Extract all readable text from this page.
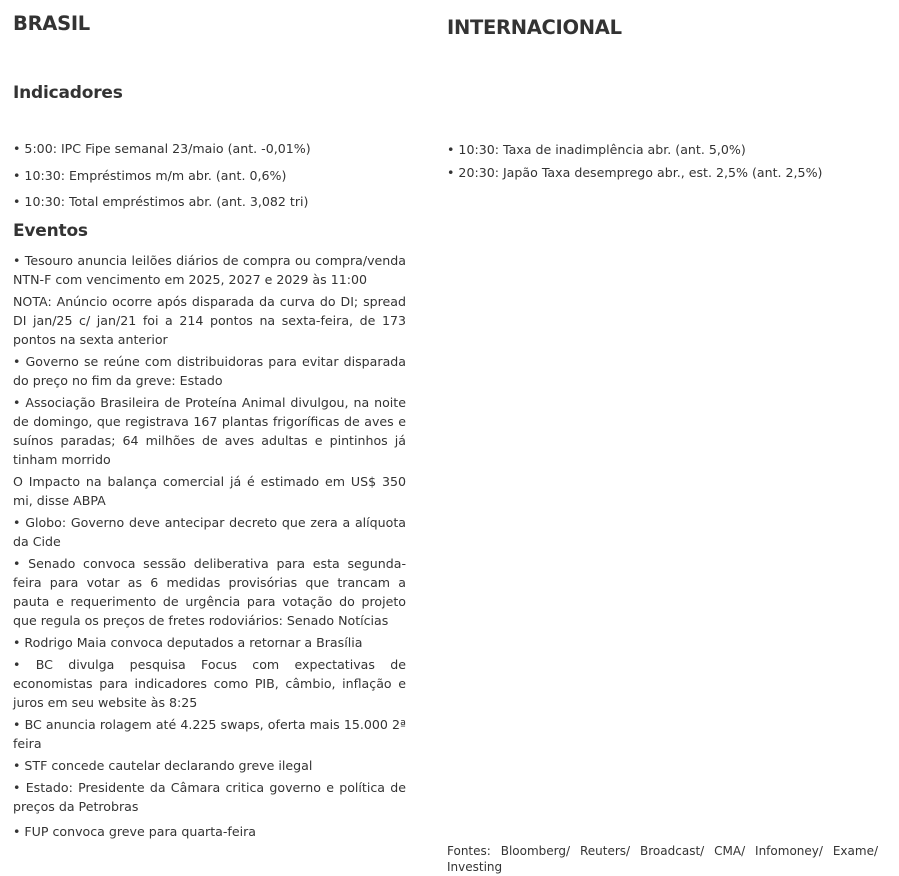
BRASIL
Indicadores

• 5:00: IPC Fipe semanal 23/maio (ant. -0,01%)

• 10:30: Empréstimos m/m abr. (ant. 0,6%)

• 10:30: Total empréstimos abr. (ant. 3,082 tri)

Eventos

• Tesouro anuncia leilões diários de compra ou compra/venda NTN-F com vencimento em 2025, 2027 e 2029 às 11:00

NOTA: Anúncio ocorre após disparada da curva do DI; spread DI jan/25 c/ jan/21 foi a 214 pontos na sexta-feira, de 173 pontos na sexta anterior

• Governo se reúne com distribuidoras para evitar disparada do preço no fim da greve: Estado

• Associação Brasileira de Proteína Animal divulgou, na noite de domingo, que registrava 167 plantas frigoríficas de aves e suínos paradas; 64 milhões de aves adultas e pintinhos já tinham morrido

O Impacto na balança comercial já é estimado em US$ 350 mi, disse ABPA

• Globo: Governo deve antecipar decreto que zera a alíquota da Cide

• Senado convoca sessão deliberativa para esta segunda-feira para votar as 6 medidas provisórias que trancam a pauta e requerimento de urgência para votação do projeto que regula os preços de fretes rodoviários: Senado Notícias

• Rodrigo Maia convoca deputados a retornar a Brasília

• BC divulga pesquisa Focus com expectativas de economistas para indicadores como PIB, câmbio, inflação e juros em seu website às 8:25

• BC anuncia rolagem até 4.225 swaps, oferta mais 15.000 2ª feira

• STF concede cautelar declarando greve ilegal

• Estado: Presidente da Câmara critica governo e política de preços da Petrobras

• FUP convoca greve para quarta-feira

INTERNACIONAL

• 10:30: Taxa de inadimplência abr. (ant. 5,0%)

• 20:30: Japão Taxa desemprego abr., est. 2,5% (ant. 2,5%)

Fontes: Bloomberg/ Reuters/ Broadcast/ CMA/ Infomoney/ Exame/ Investing
